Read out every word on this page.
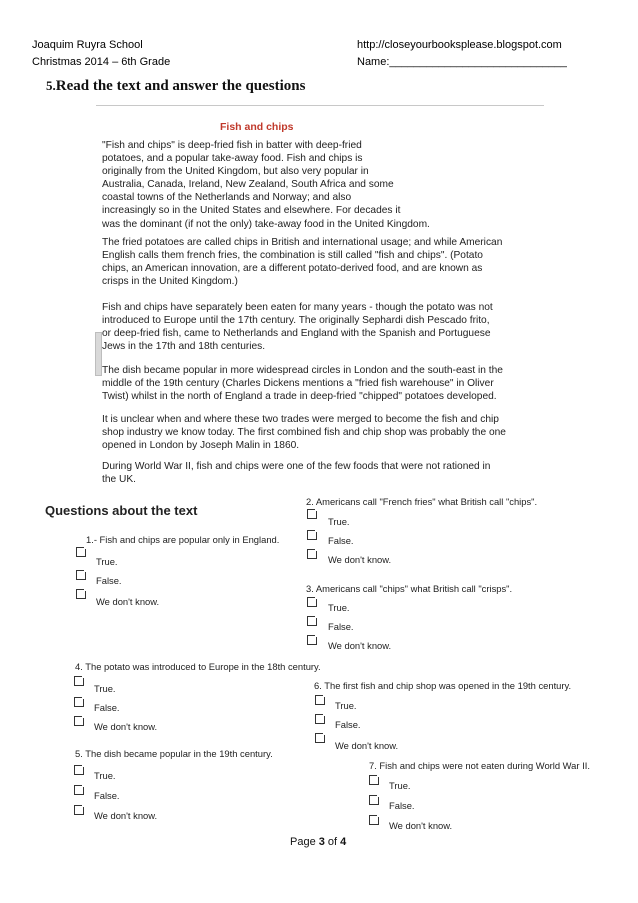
Joaquim Ruyra School
Christmas 2014 – 6th Grade
http://closeyourbooksplease.blogspot.com
Name:_____________________________
5.Read the text and answer the questions
Fish and chips
"Fish and chips" is deep-fried fish in batter with deep-fried
potatoes, and a popular take-away food. Fish and chips is
originally from the United Kingdom, but also very popular in
Australia, Canada, Ireland, New Zealand, South Africa and some
coastal towns of the Netherlands and Norway; and also
increasingly so in the United States and elsewhere. For decades it
was the dominant (if not the only) take-away food in the United Kingdom.
The fried potatoes are called chips in British and international usage; and while American
English calls them french fries, the combination is still called "fish and chips". (Potato
chips, an American innovation, are a different potato-derived food, and are known as
crisps in the United Kingdom.)
Fish and chips have separately been eaten for many years - though the potato was not
introduced to Europe until the 17th century. The originally Sephardi dish Pescado frito,
or deep-fried fish, came to Netherlands and England with the Spanish and Portuguese
Jews in the 17th and 18th centuries.
The dish became popular in more widespread circles in London and the south-east in the
middle of the 19th century (Charles Dickens mentions a "fried fish warehouse" in Oliver
Twist) whilst in the north of England a trade in deep-fried "chipped" potatoes developed.
It is unclear when and where these two trades were merged to become the fish and chip
shop industry we know today. The first combined fish and chip shop was probably the one
opened in London by Joseph Malin in 1860.
During World War II, fish and chips were one of the few foods that were not rationed in
the UK.
Questions about the text
1.- Fish and chips are popular only in England.
True.
False.
We don't know.
2. Americans call "French fries" what British call "chips".
True.
False.
We don't know.
3. Americans call "chips" what British call "crisps".
True.
False.
We don't know.
4. The potato was introduced to Europe in the 18th century.
True.
False.
We don't know.
5. The dish became popular in the 19th century.
True.
False.
We don't know.
6. The first fish and chip shop was opened in the 19th century.
True.
False.
We don't know.
7. Fish and chips were not eaten during World War II.
True.
False.
We don't know.
Page 3 of 4
